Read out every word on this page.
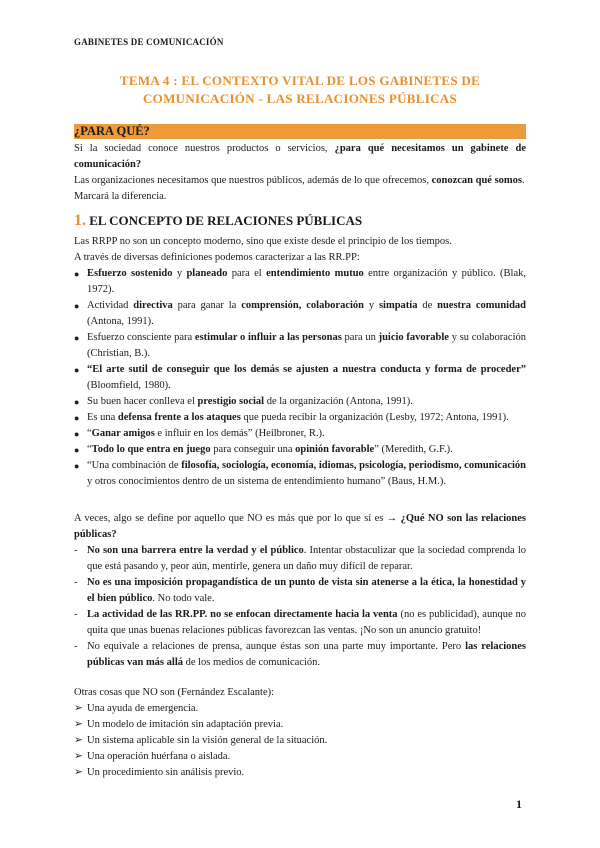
GABINETES DE COMUNICACIÓN
TEMA 4 : EL CONTEXTO VITAL DE LOS GABINETES DE
COMUNICACIÓN - LAS RELACIONES PÚBLICAS
¿PARA QUÉ?
Si la sociedad conoce nuestros productos o servicios, ¿para qué necesitamos un gabinete de comunicación?
Las organizaciones necesitamos que nuestros públicos, además de lo que ofrecemos, conozcan qué somos. Marcará la diferencia.
1. EL CONCEPTO DE RELACIONES PÚBLICAS
Las RRPP no son un concepto moderno, sino que existe desde el principio de los tiempos.
A través de diversas definiciones podemos caracterizar a las RR.PP:
● Esfuerzo sostenido y planeado para el entendimiento mutuo entre organización y público. (Blak, 1972).
● Actividad directiva para ganar la comprensión, colaboración y simpatía de nuestra comunidad (Antona, 1991).
● Esfuerzo consciente para estimular o influir a las personas para un juicio favorable y su colaboración (Christian, B.).
● “El arte sutil de conseguir que los demás se ajusten a nuestra conducta y forma de proceder” (Bloomfield, 1980).
● Su buen hacer conlleva el prestigio social de la organización (Antona, 1991).
● Es una defensa frente a los ataques que pueda recibir la organización (Lesby, 1972; Antona, 1991).
● “Ganar amigos e influir en los demás” (Heilbroner, R.).
● “Todo lo que entra en juego para conseguir una opinión favorable” (Meredith, G.F.).
● “Una combinación de filosofía, sociología, economía, idiomas, psicología, periodismo, comunicación y otros conocimientos dentro de un sistema de entendimiento humano” (Baus, H.M.).
A veces, algo se define por aquello que NO es más que por lo que sí es → ¿Qué NO son las relaciones públicas?
- No son una barrera entre la verdad y el público. Intentar obstaculizar que la sociedad comprenda lo que está pasando y, peor aún, mentirle, genera un daño muy difícil de reparar.
- No es una imposición propagandística de un punto de vista sin atenerse a la ética, la honestidad y el bien público. No todo vale.
- La actividad de las RR.PP. no se enfocan directamente hacia la venta (no es publicidad), aunque no quita que unas buenas relaciones públicas favorezcan las ventas. ¡No son un anuncio gratuito!
- No equivale a relaciones de prensa, aunque éstas son una parte muy importante. Pero las relaciones públicas van más allá de los medios de comunicación.
Otras cosas que NO son (Fernández Escalante):
➢ Una ayuda de emergencia.
➢ Un modelo de imitación sin adaptación previa.
➢ Un sistema aplicable sin la visión general de la situación.
➢ Una operación huérfana o aislada.
➢ Un procedimiento sin análisis previo.
1
